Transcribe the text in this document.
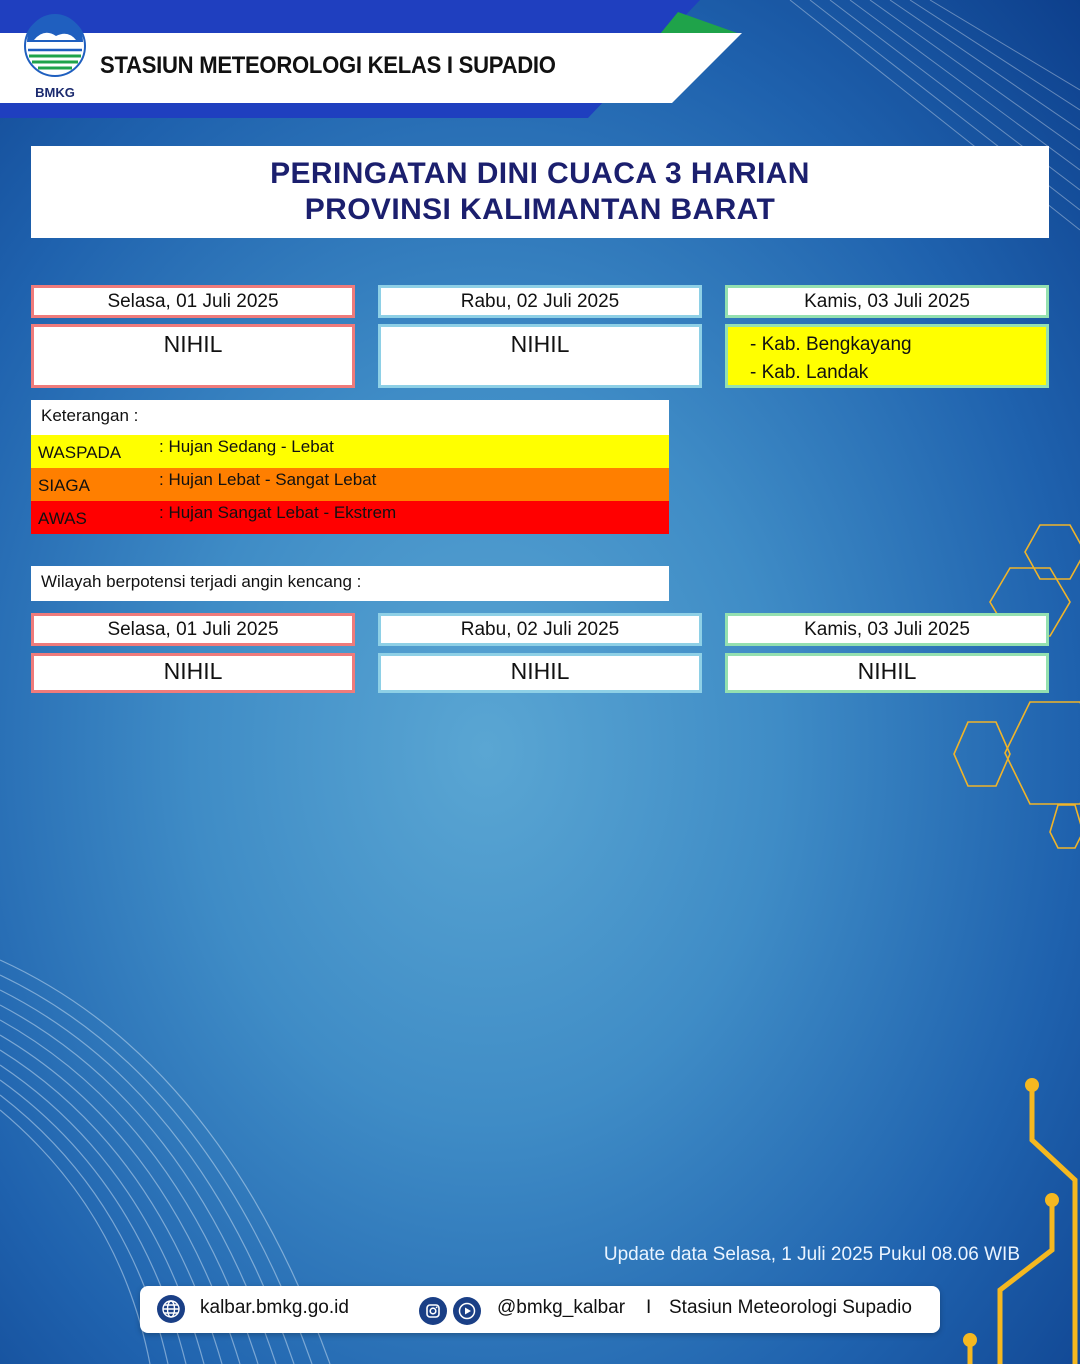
BMKG
STASIUN METEOROLOGI KELAS I SUPADIO
PERINGATAN DINI CUACA 3 HARIAN
PROVINSI KALIMANTAN BARAT
Selasa, 01 Juli 2025
NIHIL
Rabu, 02 Juli 2025
NIHIL
Kamis, 03 Juli 2025
- Kab. Bengkayang
- Kab. Landak
Keterangan :
WASPADA : Hujan Sedang - Lebat
SIAGA	: Hujan Lebat - Sangat Lebat
AWAS	: Hujan Sangat Lebat - Ekstrem
Wilayah berpotensi terjadi angin kencang :
Selasa, 01 Juli 2025
NIHIL
Rabu, 02 Juli 2025
NIHIL
Kamis, 03 Juli 2025
NIHIL
Update data Selasa, 1 Juli 2025 Pukul 08.06 WIB
kalbar.bmkg.go.id	@bmkg_kalbar I Stasiun Meteorologi Supadio
